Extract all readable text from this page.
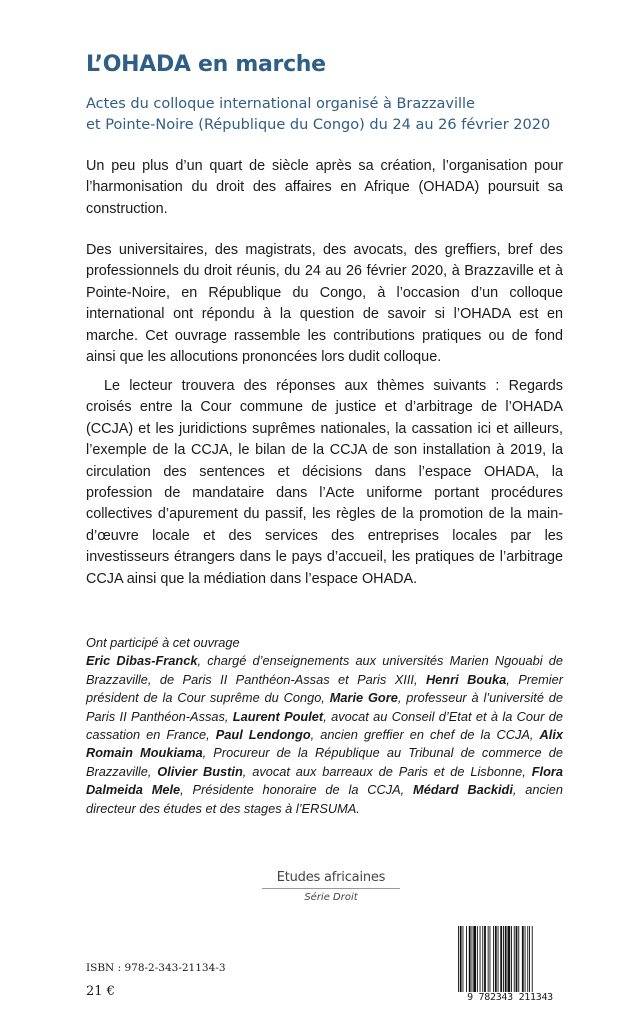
L’OHADA en marche
Actes du colloque international organisé à Brazzaville
et Pointe-Noire (République du Congo) du 24 au 26 février 2020

Un peu plus d’un quart de siècle après sa création, l’organisation pour l’harmonisation du droit des affaires en Afrique (OHADA) poursuit sa construction.

Des universitaires, des magistrats, des avocats, des greffiers, bref des professionnels du droit réunis, du 24 au 26 février 2020, à Brazzaville et à Pointe-Noire, en République du Congo, à l’occasion d’un colloque international ont répondu à la question de savoir si l’OHADA est en marche. Cet ouvrage rassemble les contributions pratiques ou de fond ainsi que les allocutions prononcées lors dudit colloque.

Le lecteur trouvera des réponses aux thèmes suivants : Regards croisés entre la Cour commune de justice et d’arbitrage de l’OHADA (CCJA) et les juridictions suprêmes nationales, la cassation ici et ailleurs, l’exemple de la CCJA, le bilan de la CCJA de son installation à 2019, la circulation des sentences et décisions dans l’espace OHADA, la profession de mandataire dans l’Acte uniforme portant procédures collectives d’apurement du passif, les règles de la promotion de la main-d’œuvre locale et des services des entreprises locales par les investisseurs étrangers dans le pays d’accueil, les pratiques de l’arbitrage CCJA ainsi que la médiation dans l’espace OHADA.

Ont participé à cet ouvrage
Eric Dibas-Franck, chargé d’enseignements aux universités Marien Ngouabi de Brazzaville, de Paris II Panthéon-Assas et Paris XIII, Henri Bouka, Premier président de la Cour suprême du Congo, Marie Gore, professeur à l’université de Paris II Panthéon-Assas, Laurent Poulet, avocat au Conseil d’Etat et à la Cour de cassation en France, Paul Lendongo, ancien greffier en chef de la CCJA, Alix Romain Moukiama, Procureur de la République au Tribunal de commerce de Brazzaville, Olivier Bustin, avocat aux barreaux de Paris et de Lisbonne, Flora Dalmeida Mele, Présidente honoraire de la CCJA, Médard Backidi, ancien directeur des études et des stages à l’ERSUMA.
Etudes africaines
Série Droit
ISBN : 978-2-343-21134-3
21 €	9 782343 211343
